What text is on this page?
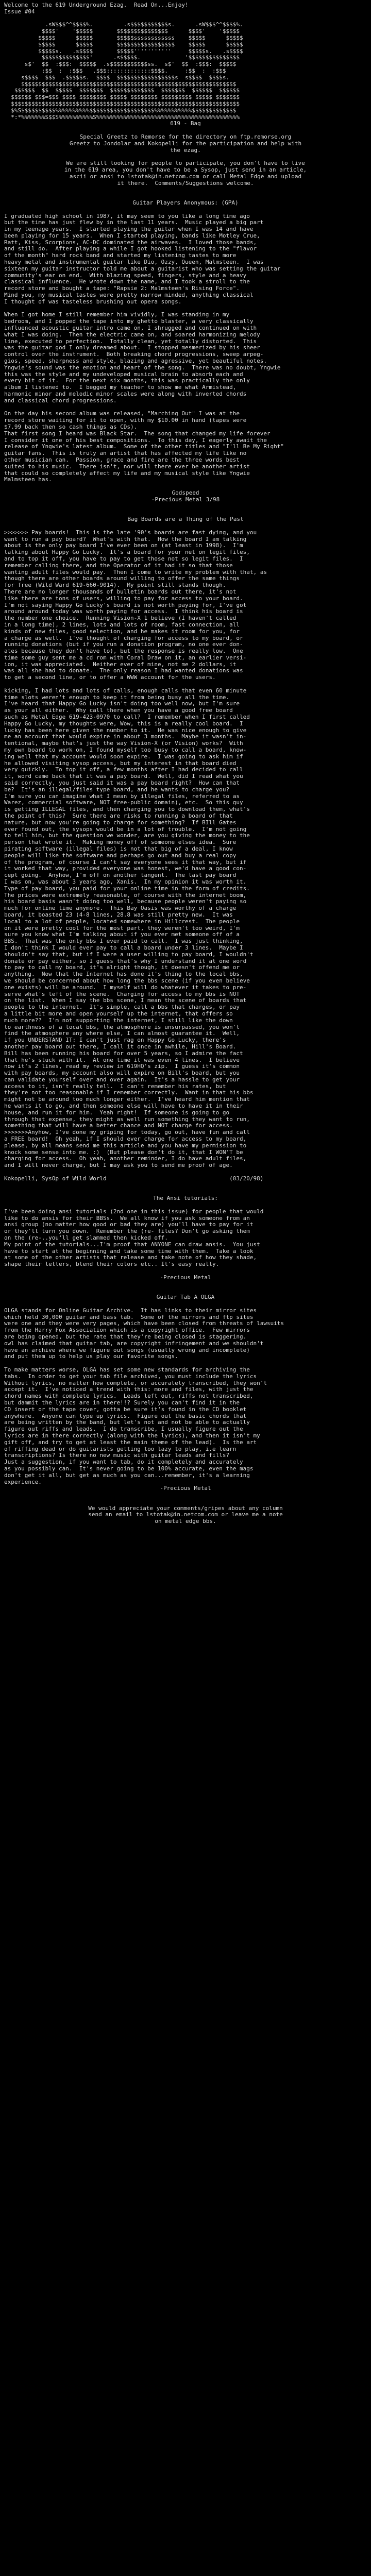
Welcome to the 619 Underground Ezag.  Read On...Enjoy!
Issue #04
.sW$$$^^$$$$%.         .s$$$$$$$$$$$s.      .sW$$$^^$$$$%.
$$$$'    '$$$$$       $$$$$$$$$$$$$$$      $$$$'    '$$$$$
$$$$$      $$$$$       $$$$$ssssssssssss    $$$$$      $$$$$
$$$$$      $$$$$       $$$$$$$$$$$$$$$$$    $$$$$      $$$$$
$$$$$s.   .s$$$$       $$$$$'''''''''''     $$$$$s.   .s$$$$
$$$$$$$$$$$$$$'      .s$$$$$.             '$$$$$$$$$$$$$$$
s$'  $$  :$$$:  $$$$$  .s$$$$$$$$$$$ss.  s$'  $$  :$$$:  $$$$$
:$$  :  :$$$   .$$$:::::::::::::$$$$.     :$$  :  :$$$
s$$$$  $$$  .$$$$$s.  $$$$  $$$$$$$$$$$$$$$$$s  s$$$$  $$$$s.
$$$$$$$$$$$$$$$$$$$$$$$$$$$$$$$$$$$$$$$$$$$$$$$$$$$$$$$$$$$$$$$
$$$$$$  $$  $$$$$  $$$$$$$  $$$$$$$$$$$$$  $$$$$$$  $$$$$$  $$$$$$
$$$$$$ $$$=$$$ $$$$ $$$$$$$$ $$$$$ $$$$$$$$ $$$$$$$$$ $$$$$ $$$$$$$
$$$$$$$$$$$$$$$$$$$$$$$$$$$$$$$$$$$$$$$$$$$$$$$$$$$$$$$$$$$$$$$$$$$
$%S$$$$$$$$$$%%%%%%%%%%$$$$$$$$$$$$$$$$$$$%%%%%%%%%%%$$$$$$$$$$$$$
*:*%%%%%%%S$$S%%%%%%%%%%S%%%%%%%%%%%%%%%%%%%%%%%%%%%%%%%%%%%%%%%%%%
619 - Bag
Special Greetz to Remorse for the directory on ftp.remorse.org
Greetz to Jondolar and Kokopelli for the participation and help with
the ezag.
We are still looking for people to participate, you don't have to live
in the 619 area, you don't have to be a Sysop, just send in an article,
ascii or ansi to lstotak@in.netcom.com or call Metal Edge and upload
it there.  Comments/Suggestions welcome.
Guitar Players Anonymous: (GPA)
I graduated high school in 1987, it may seem to you like a long time ago
but the time has just flew by in the last 11 years.  Music played a big part
in my teenage years.  I started playing the guitar when I was 14 and have
been playing for 15 years.  When I started playing, bands like Motley Crue,
Ratt, Kiss, Scorpions, AC-DC dominated the airwaves.  I loved those bands,
and still do.  After playing a while I got hooked listening to the "flavor
of the month" hard rock band and started my listening tastes to more
heavy metal and instrumental guitar like Dio, Ozzy, Queen, Malmsteen.  I was
sixteen my guitar instructor told me about a guitarist who was setting the guitar
community's ear on end.  With blazing speed, fingers, style and a heavy
classical influence.  He wrote down the name, and I took a stroll to the
record store and bought a tape: "Rapsie 2: Malmsteen's Rising Force".
Mind you, my musical tastes were pretty narrow minded, anything classical
I thought of was tasteless brushing out opera songs.
When I got home I still remember him vividly, I was standing in my
bedroom, and I popped the tape into my ghetto blaster, a very classically
influenced acoustic guitar intro came on, I shrugged and continued on with
what I was doing.  Then the electric came on, and soared harmonizing melody
line, executed to perfection.  Totally clean, yet totally distorted.  This
was the guitar god I only dreamed about.  I stopped mesmerized by his sheer
control over the instrument.  Both breaking chord progressions, sweep arpeg-
gios, speed, sharpness and style, blazing and agressive, yet beautiful notes.
Yngwie's sound was the emotion and heart of the song.  There was no doubt, Yngwie
this was the style and my undeveloped musical brain to absorb each and
every bit of it.  For the next six months, this was practically the only
album I listened to.  I begged my teacher to show me what Armistead,
harmonic minor and melodic minor scales were along with inverted chords
and classical chord progressions.
On the day his second album was released, "Marching Out" I was at the
record store waiting for it to open, with my $10.00 in hand (tapes were
$7.99 back then so cash things as CDs).
That first song I heard was Black Star.  The song that changed my life forever
I consider it one of his best compositions.  To this day, I eagerly await the
release of Yngwie's latest album.  Some of the other titles and "I'll Be My Right"
guitar fans.  This is truly an artist that has affected my life like no
other musician can.  Passion, grace and fire are the three words best
suited to his music.  There isn't, nor will there ever be another artist
that could so completely affect my life and my musical style like Yngwie
Malmsteen has.
Godspeed
-Precious Metal 3/98
Bag Boards are a Thing of the Past
>>>>>>> Pay boards!  This is the late '90's boards are fast dying, and you
want to run a pay board?  What's with that.  How the board I am talking
about is the only pay board I've ever been on (at least in 1998).  I'm
talking about Happy Go Lucky.  It's a board for your net on legit files,
and to top it off, you have to pay to get those not so legit files.  I
remember calling there, and the Operator of it had it so that those
wanting adult files would pay.  Then I come to write my problem with that, as
though there are other boards around willing to offer the same things
for free (Wild Ward 619-660-9014).  My point still stands though.
There are no longer thousands of bulletin boards out there, it's not
like there are tons of users, willing to pay for access to your board.
I'm not saying Happy Go Lucky's board is not worth paying for, I've got
around around today was worth paying for access.  I think his board is
the number one choice.  Running Vision-X 1 believe (I haven't called
in a long time), 2 lines, lots and lots of room, fast connection, all
kinds of new files, good selection, and he makes it room for you, for
a charge as well.  I've thought of charging for access to my board, or
running donations (but if you run a donation program, no one ever don-
ates because they don't have to), but the response is really low.  One
time some guy sent me a cd rom with Coral Draw on it, an earlier versi-
ion, it was appreciated.  Neither ever of mine, not me 2 dollars, it
was all she had to donate.  The only reason I had wanted donations was
to get a second line, or to offer a WWW account for the users.
kicking, I had lots and lots of calls, enough calls that even 60 minute
time slots weren't enough to keep it from being busy all the time.
I've heard that Happy Go Lucky isn't doing too well now, but I'm sure
as your all either.  Why call there when you have a good free board
such as Metal Edge 619-423-0970 to call?  I remember when I first called
Happy Go Lucky, my thoughts were, Wow, this is a really cool board.  I
lucky has been here given the number to it.  He was nice enough to give
me an account that would expire in about 3 months.  Maybe it wasn't in-
tentional, maybe that's just the way Vision-X (or Vision) works?  With
my own board to work on, I found myself too busy to call a board, know-
ing well that my account would soon expire.  I was going to ask him if
he allowed visiting sysop access, but my interest in that board died
very quickly.  To top it off, a few months after I had decided to call
it, word came back that it was a pay board.  Well, did I read what you
said correctly, you just said it was a pay board right?  How can that
be?  It's an illegal/files type board, and he wants to charge you?
I'm sure you can imagine what I mean by illegal files, referred to as
Warez, commercial software, NOT free-public domain), etc.  So this guy
is getting ILLEGAL files, and then charging you to download them, what's
the point of this?  Sure there are risks to running a board of that
nature, but now you're going to charge for something?  If BIll Gates
ever found out, the sysops would be in a lot of trouble.  I'm not going
to tell him, but the question we wonder, are you giving the money to the
person that wrote it.  Making money off of someone elses idea.  Sure
pirating software (illegal files) is not that big of a deal, I know
people will like the software and perhaps go out and buy a real copy
of the program, of course I can't say everyone sees it that way, but if
it worked that way, provided everyone was honest, we'd have a good con-
cept going.  Anyhow, I'm off on another tangent.  The last pay board
I was on, was about 3 years ago, Xanis.  In my opinion it was worth it.
Type of pay board, you paid for your online time in the form of credits.
The prices were extremely reasonable, of course with the internet boom,
his board basis wasn't doing too well, because people weren't paying so
much for online time anymore.  This Bay Oasis was worthy of a charge
board, it boasted 23 (4-8 lines, 28.8 was still pretty new.  It was
local to a lot of people, located somewhere in Hillcrest.  The people
on it were pretty cool for the most part, they weren't too weird, I'm
sure you know what I'm talking about if you ever met someone off of a
BBS.  That was the only bbs I ever paid to call.  I was just thinking,
I don't think I would ever pay to call a board under 3 lines.  Maybe I
shouldn't say that, but if I were a user willing to pay board, I wouldn't
donate or pay either, so I guess that's why I understand it at one word
to pay to call my board, it's alright though, it doesn't offend me or
anything.  Now that the Internet has done it's thing to the local bbs,
we should be concerned about how long the bbs scene (if you even believe
one exists) will be around.  I myself will do whatever it takes to pre-
serve what's left of the scene.  Charging for access to my bbs is NOT
on the list.  When I say the bbs scene, I mean the scene of boards that
people to the internet.  It's simple, call a bbs that charges, or pay
a little bit more and open yourself up the internet, that offers so
much more??  I'm not supporting the internet, I still like the down
to earthness of a local bbs, the atmosphere is unsurpassed, you won't
find the atmosphere any where else, I can almost guarantee it.  Well,
if you UNDERSTAND IT: I can't just rag on Happy Go Lucky, there's
another pay board out there, I call it once in awhile, Hill's Board.
Bill has been running his board for over 5 years, so I admire the fact
that he's stuck with it.  At one time it was even 4 lines.  I believe
now it's 2 lines, read my review in 619HQ's zip.  I guess it's common
with pay boards, my account also will expire on Bill's board, but you
can validate yourself over and over again.  It's a hassle to get your
access to it, isn't really tell.  I can't remember his rates, but
they're not too reasonable if I remember correctly.  Want in that his bbs
might not be around too much longer either.  I've heard him mention that
he wants it to go, and then someone else will have to have it in their
house, and run it for him.  Yeah right!  If someone is going to go
through that expense, they might as well run something they want to run,
something that will have a better chance and NOT charge for access.
>>>>>>>Anyhow, I've done my griping for today, go out, have fun and call
a FREE board!  Oh yeah, if I should ever charge for access to my board,
please, by all means send me this article and you have my permission to
knock some sense into me. :)  (But please don't do it, that I WON'T be
charging for access.  Oh yeah, another reminder, I do have adult files,
and I will never charge, but I may ask you to send me proof of age.
Kokopelli, SysOp of Wild World                                    (03/20/98)
The Ansi tutorials:
I've been doing ansi tutorials (2nd one in this issue) for people that would
like to do ansis for their BBSs.  We all know if you ask someone from an
ansi group (no matter how good or bad they are) you'll have to pay for it
or they'll turn you down.  Remember the (re- files? Don't go asking them
on the (re-..you'll get slammed then kicked off.
My point of the tutorials...I'm proof that ANYONE can draw ansis.  You just
have to start at the beginning and take some time with them.  Take a look
at some of the other artists that release and take note of how they shade,
shape their letters, blend their colors etc.. It's easy really.
-Precious Metal
Guitar Tab A OLGA
OLGA stands for Online Guitar Archive.  It has links to their mirror sites
which held 30,000 guitar and bass tab.  Some of the mirrors and ftp sites
were one and they were very pages, which have been closed from threats of lawsuits
from the Harry Fox Association which is a copyright office.  Few mirrors
are being opened, but the rate that they're being closed is staggering.
owl has claimed that guitar tab, are copyright infringement and we shouldn't
have an archive where we figure out songs (usually wrong and incomplete)
and put them up to help us play our favorite songs.
To make matters worse, OLGA has set some new standards for archiving the
tabs.  In order to get your tab file archived, you must include the lyrics
Without lyrics, no matter how complete, or accurately transcribed, they won't
accept it.  I've noticed a trend with this: more and files, with just the
chord names with complete lyrics.  Leads left out, riffs not transcribed,
but dammit the lyrics are in there!!? Surely you can't find it in the
CD insert or the tape cover, gotta be sure it's found in the CD booklet
anywhere.  Anyone can type up lyrics.  Figure out the basic chords that
are being written by the band, but let's not and not be able to actually
figure out riffs and leads.  I do transcribe, I usually figure out the
lyrics are in there correctly (along with the lyrics), and then it isn't my
gift off, and try to get at least the main theme of the lead).  Is the art
of riffing dead or do guitarists getting too lazy to play, i.e learn
transcriptions? Is there no new music with guitar leads and fills?
Just a suggestion, if you want to tab, do it completely and accurately
as you possibly can.  It's never going to be 100% accurate, even the mags
don't get it all, but get as much as you can...remember, it's a learning
experience.
-Precious Metal
We would appreciate your comments/gripes about any column
send an email to lstotak@in.netcom.com or leave me a note
on metal edge bbs.
